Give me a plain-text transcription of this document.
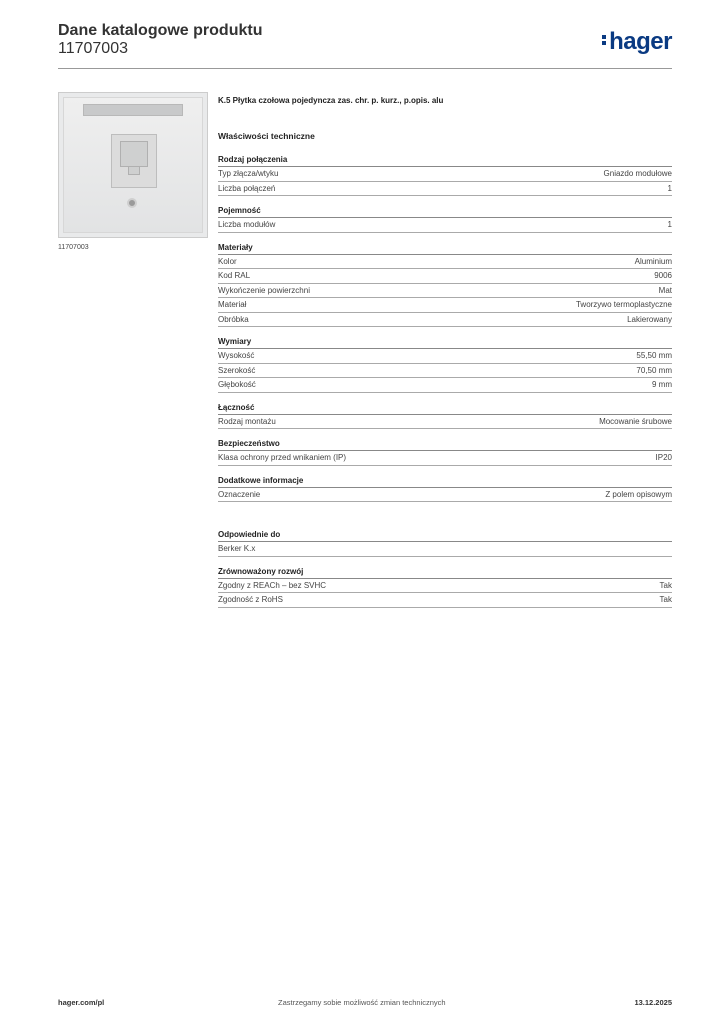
Dane katalogowe produktu
11707003	hager
11707003
K.5 Płytka czołowa pojedyncza zas. chr. p. kurz., p.opis. alu
Właściwości techniczne
Rodzaj połączenia
Typ złącza/wtyku	Gniazdo modułowe
Liczba połączeń	1
Pojemność
Liczba modułów	1
Materiały
Kolor	Aluminium
Kod RAL	9006
Wykończenie powierzchni	Mat
Materiał	Tworzywo termoplastyczne
Obróbka	Lakierowany
Wymiary
Wysokość	55,50 mm
Szerokość	70,50 mm
Głębokość	9 mm
Łączność
Rodzaj montażu	Mocowanie śrubowe
Bezpieczeństwo
Klasa ochrony przed wnikaniem (IP)	IP20
Dodatkowe informacje
Oznaczenie	Z polem opisowym
Odpowiednie do
Berker K.x
Zrównoważony rozwój
Zgodny z REACh – bez SVHC	Tak
Zgodność z RoHS	Tak
hager.com/pl	Zastrzegamy sobie możliwość zmian technicznych	13.12.2025
